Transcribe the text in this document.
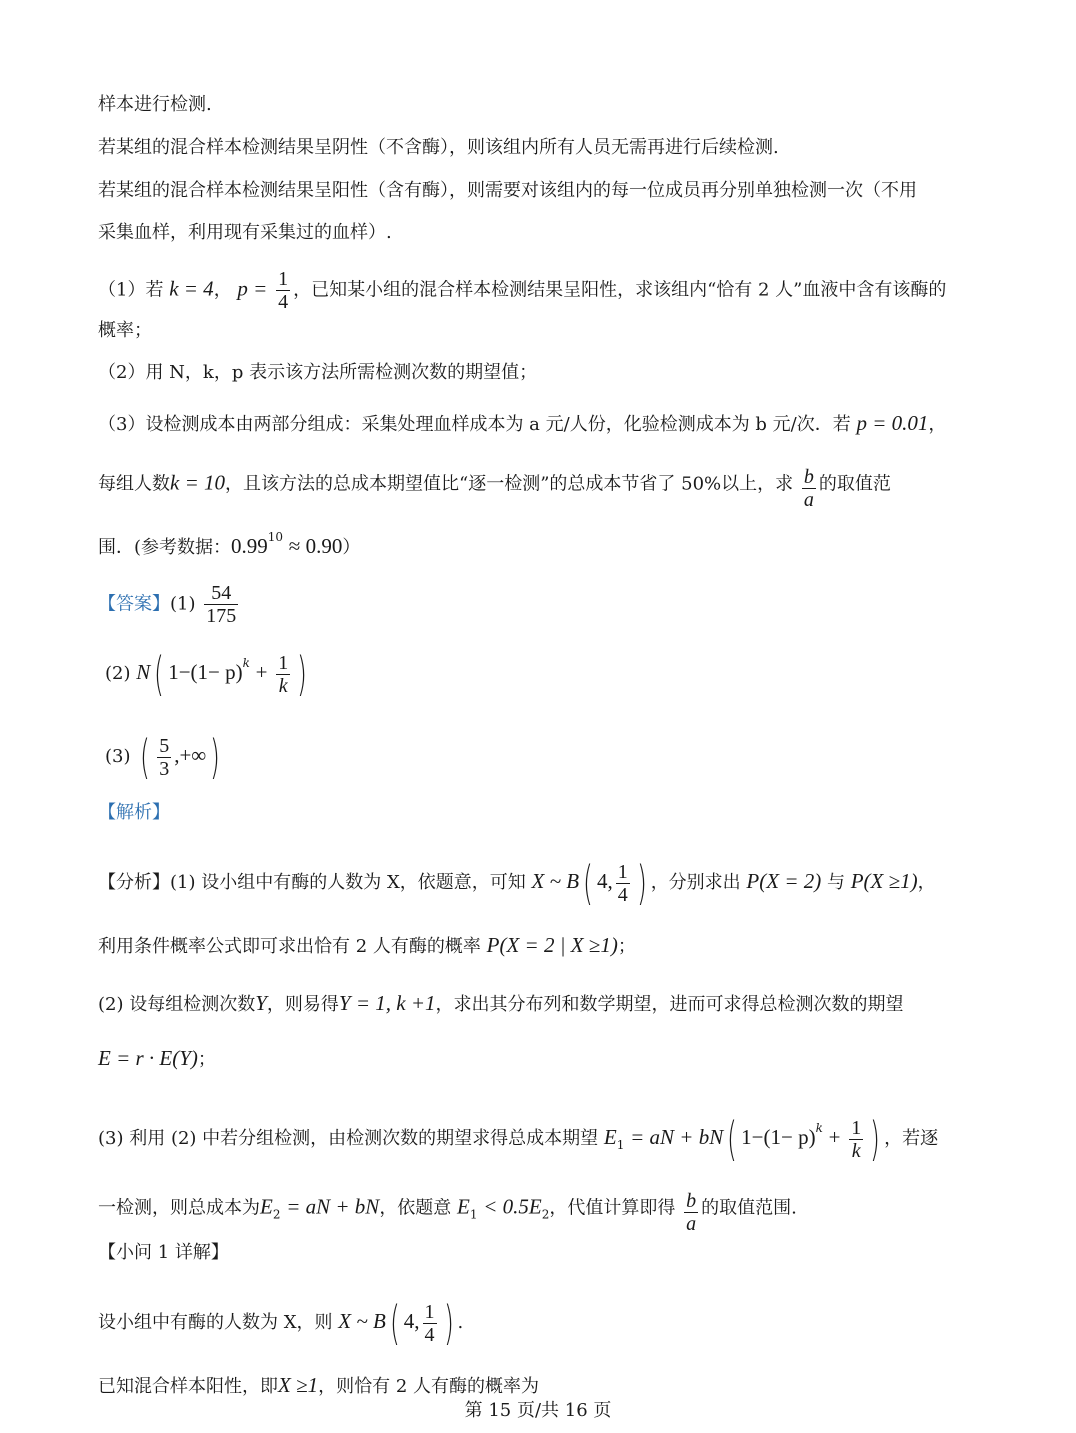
样本进行检测.
若某组的混合样本检测结果呈阴性（不含酶），则该组内所有人员无需再进行后续检测.
若某组的混合样本检测结果呈阳性（含有酶），则需要对该组内的每一位成员再分别单独检测一次（不用
采集血样，利用现有采集过的血样）.
（1）若 k = 4， $p = \frac{1}{4}$ ，已知某小组的混合样本检测结果呈阳性，求该组内“恰有 2 人”血液中含有该酶的
概率；
（2）用 N，k，p 表示该方法所需检测次数的期望值；
（3）设检测成本由两部分组成：采集处理血样成本为 a 元/人份，化验检测成本为 b 元/次．若 p = 0.01，
每组人数k = 10，且该方法的总成本期望值比“逐一检测”的总成本节省了 50%以上，求 $\frac{b}{a}$ 的取值范
围．(参考数据：$0.99^{10} \approx 0.90$）
【答案】$(1) \frac{54}{175}$
(2) N( $1-(1- p)^k + \frac{1}{k}$ )
(3) ( $\frac{5}{3}$ ,+∞)
【解析】
【分析】(1) 设小组中有酶的人数为 X，依题意，可知 X ~ B( 4, $\frac{1}{4}$ ) ，分别求出 P(X = 2) 与 P(X ≥1)，
利用条件概率公式即可求出恰有 2 人有酶的概率 P(X = 2 | X ≥1)；
(2) 设每组检测次数Y，则易得Y = 1, k +1，求出其分布列和数学期望，进而可求得总检测次数的期望
E = r · E(Y)；
(3) 利用 (2) 中若分组检测，由检测次数的期望求得总成本期望 $E_1$ = aN + bN( $1-(1- p)^k + \frac{1}{k}$ ) ，若逐
一检测，则总成本为$E_2$ = aN + bN，依题意 $E_1 < 0.5E_2$，代值计算即得 $\frac{b}{a}$ 的取值范围.
【小问 1 详解】
设小组中有酶的人数为 X，则 X ~ B( 4, $\frac{1}{4}$ ) .
已知混合样本阳性，即X ≥1，则恰有 2 人有酶的概率为
第 15 页/共 16 页
